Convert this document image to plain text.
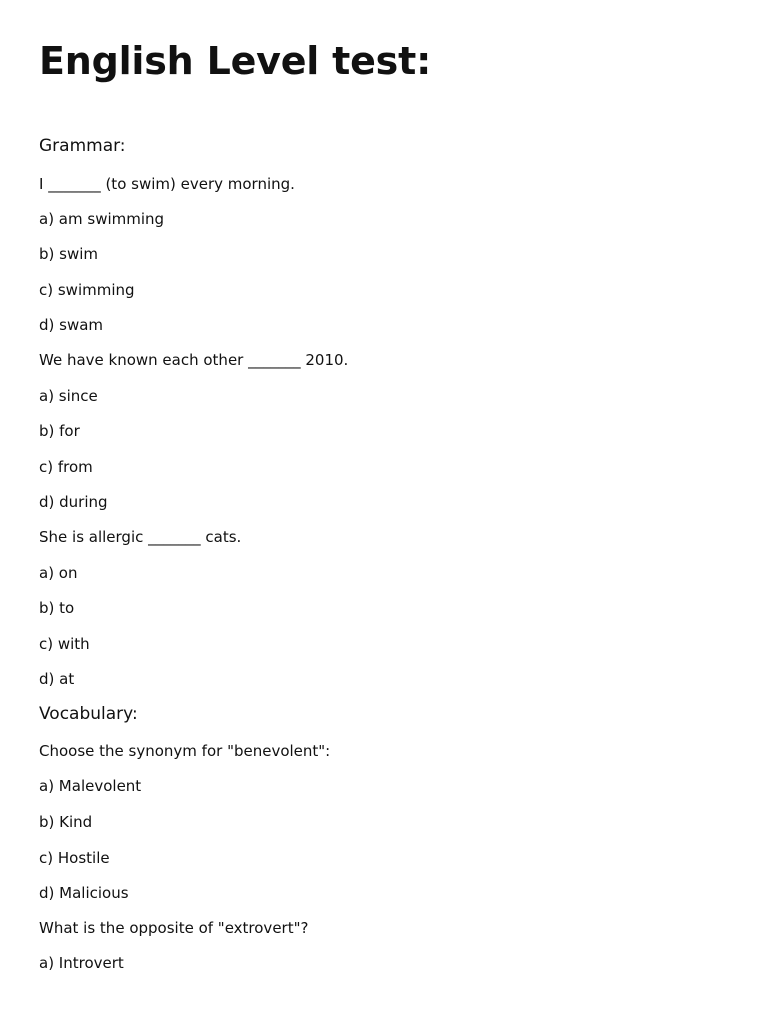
English Level test:
Grammar:

I _______ (to swim) every morning.

a) am swimming

b) swim

c) swimming

d) swam

We have known each other _______ 2010.

a) since

b) for

c) from

d) during

She is allergic _______ cats.

a) on

b) to

c) with

d) at

Vocabulary:

Choose the synonym for "benevolent":

a) Malevolent

b) Kind

c) Hostile

d) Malicious

What is the opposite of "extrovert"?

a) Introvert
